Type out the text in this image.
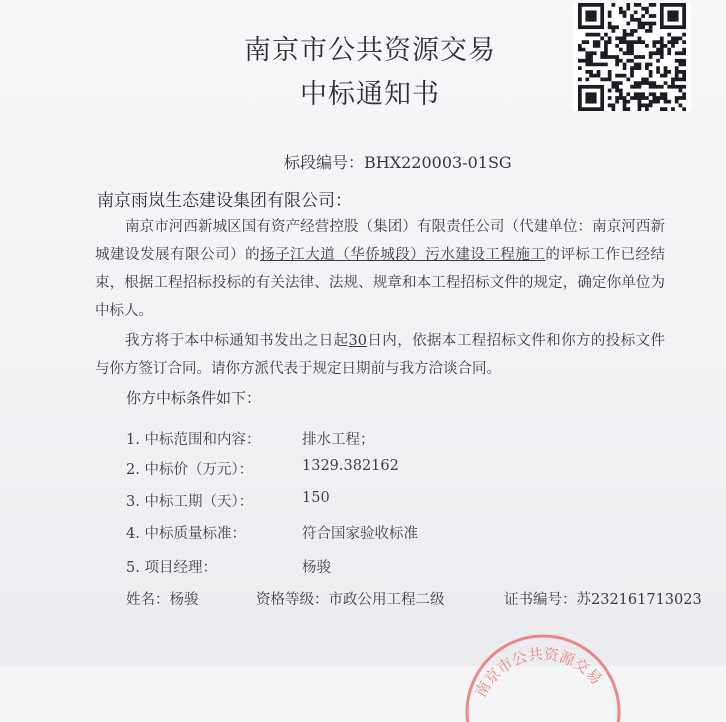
南京市公共资源交易
中标通知书
标段编号：BHX220003-01SG
南京雨岚生态建设集团有限公司：
南京市河西新城区国有资产经营控股（集团）有限责任公司（代建单位：南京河西新城建设发展有限公司）的扬子江大道（华侨城段）污水建设工程施工的评标工作已经结束，根据工程招标投标的有关法律、法规、规章和本工程招标文件的规定，确定你单位为中标人。
我方将于本中标通知书发出之日起30日内，依据本工程招标文件和你方的投标文件与你方签订合同。请你方派代表于规定日期前与我方洽谈合同。
你方中标条件如下：
1. 中标范围和内容：	排水工程；
2. 中标价（万元）：	1329.382162
3. 中标工期（天）：	150
4. 中标质量标准：	符合国家验收标准
5. 项目经理：	杨骏
姓名：杨骏	资格等级：市政公用工程二级	证书编号：苏232161713023
南京市公共资源交易
